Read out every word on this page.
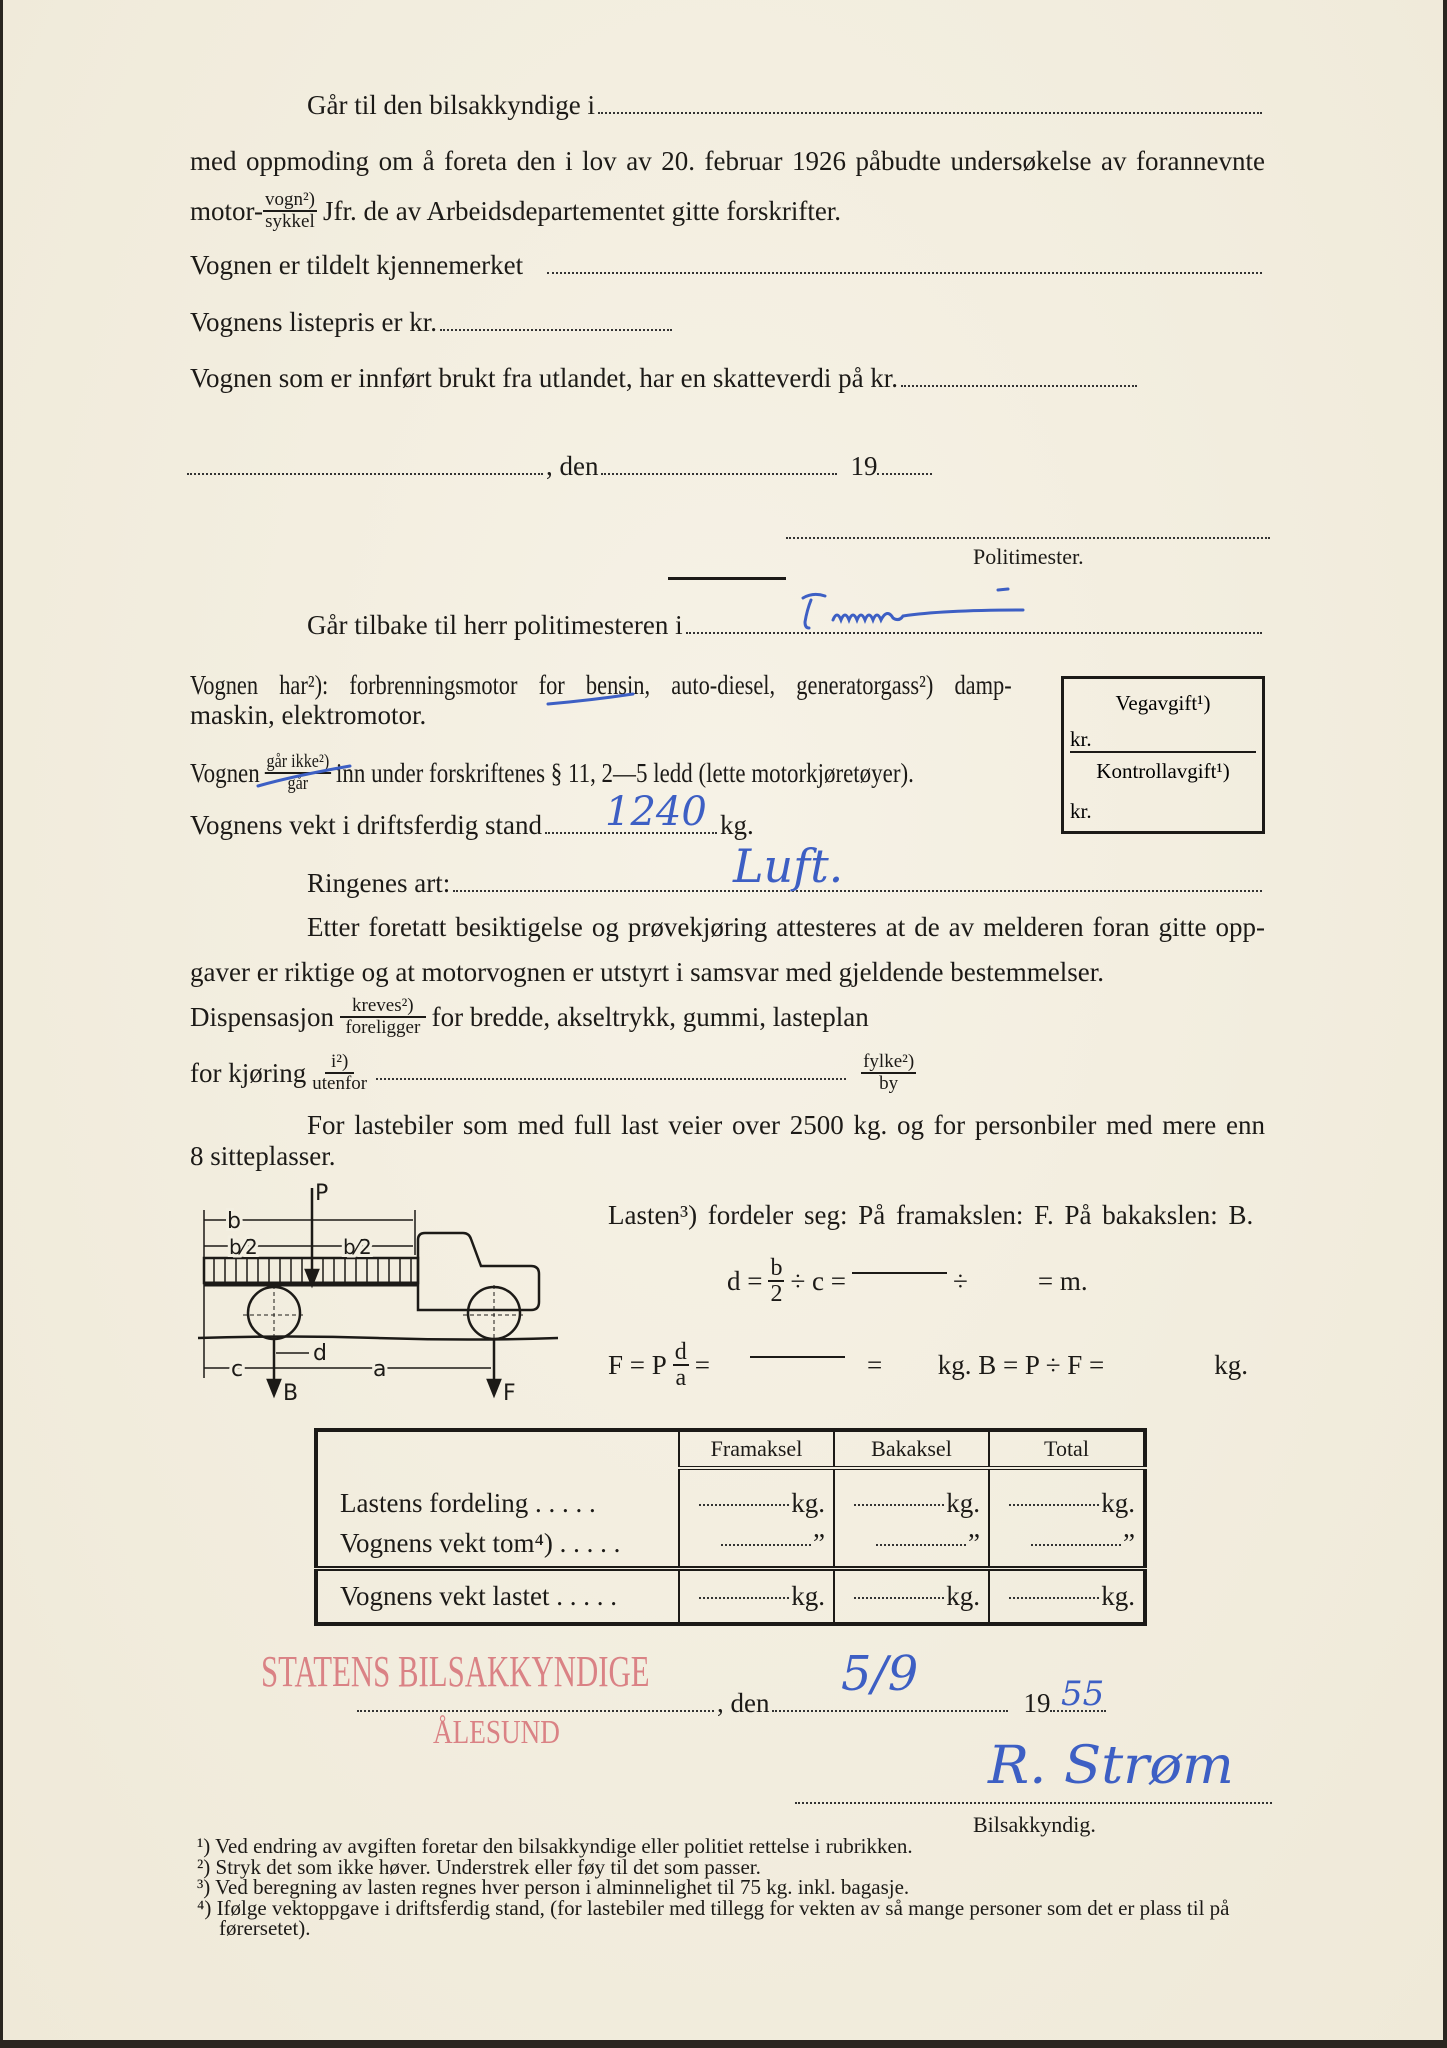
Går til den bilsakkyndige i
med oppmoding om å foreta den i lov av 20. februar 1926 påbudte undersøkelse av forannevnte
motor- $\frac{\text{vogn²)}}{\text{sykkel}}$ Jfr. de av Arbeidsdepartementet gitte forskrifter.
Vognen er tildelt kjennemerket
Vognens listepris er kr.
Vognen som er innført brukt fra utlandet, har en skatteverdi på kr.
, den	19
Politimester.
Går tilbake til herr politimesteren i
Vognen har²): forbrenningsmotor for bensin, auto-diesel, generatorgass²) damp-
maskin, elektromotor.	Vegavgift¹)
kr.
Kontrollavgift¹)
kr.
Vognen $\frac{\text{går ikke²)}}{\text{går}}$ inn under forskriftenes § 11, 2—5 ledd (lette motorkjøretøyer).
Vognens vekt i driftsferdig stand	kg.
1240
Ringenes art:	Luft.
Etter foretatt besiktigelse og prøvekjøring attesteres at de av melderen foran gitte opp-
gaver er riktige og at motorvognen er utstyrt i samsvar med gjeldende bestemmelser.
Dispensasjon $\frac{\text{kreves²)}}{\text{foreligger}}$ for bredde, akseltrykk, gummi, lasteplan
for kjøring $\frac{\text{i²)}}{\text{utenfor}}$	$\frac{\text{fylke²)}}{by}$
For lastebiler som med full last veier over 2500 kg. og for personbiler med mere enn
8 sitteplasser.
Lasten³) fordeler seg: På framakslen: F. På bakakslen: B.
$d = \frac{b}{2} \div c$ =	÷	= m.
F = P $\frac{d}{a}$ =	= kg. B = P ÷ F =	kg.
	Framaksel	Bakaksel	Total
Lastens fordeling . . . . .	kg.	kg.	kg.
Vognens vekt tom⁴) . . . . .	”	”	”
Vognens vekt lastet . . . . .	kg.	kg.	kg.
STATENS BILSAKKYNDIGE
ÅLESUND
, den	19
5/9	55
R. Strøm
Bilsakkyndig.
¹) Ved endring av avgiften foretar den bilsakkyndige eller politiet rettelse i rubrikken.
²) Stryk det som ikke høver. Understrek eller føy til det som passer.
³) Ved beregning av lasten regnes hver person i alminnelighet til 75 kg. inkl. bagasje.
⁴) Ifølge vektoppgave i driftsferdig stand, (for lastebiler med tillegg for vekten av så mange personer som det er plass til på førersetet).
P
b
b⁄2	b⁄2
d
c	a
B	F
